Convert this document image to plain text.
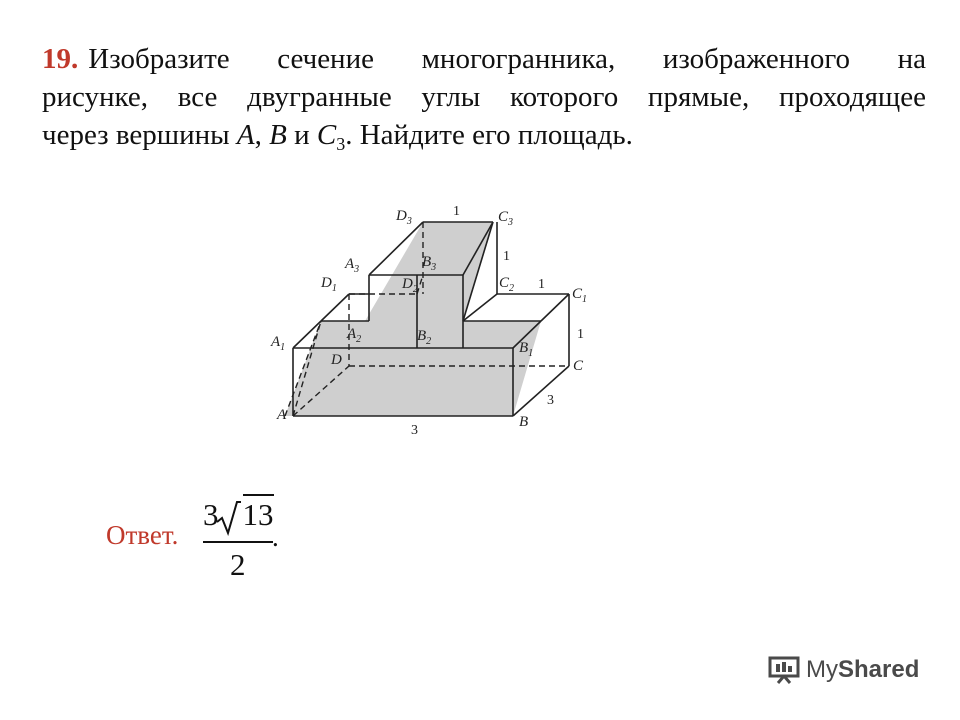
19. Изобразите сечение многогранника, изображенного на
рисунке, все двугранные углы которого прямые, проходящее
через вершины A, B и $C_3$. Найдите его площадь.
$D_3$	$C_3$
$A_3$	$B_3$
$D_1$	$D_2$	$C_2$	$C_1$
$A_1$
$A_2$	$B_2$	$B_1$
D	C
A	B
1
1
1
1
3
3
Ответ.
3 13
2
.
MyShared
